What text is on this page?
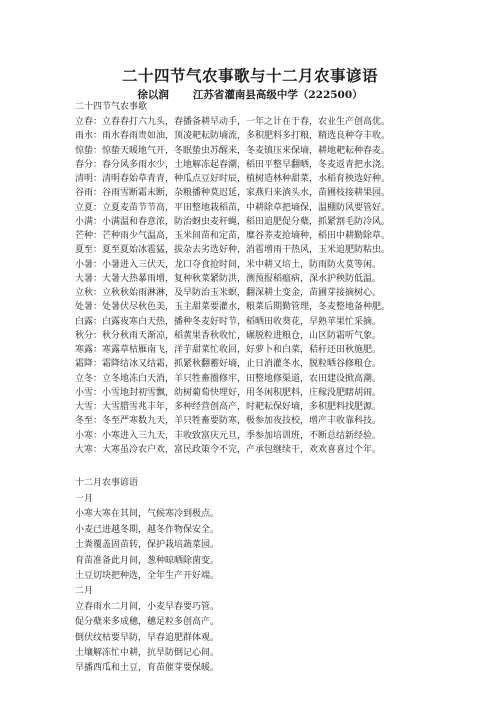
二十四节气农事歌与十二月农事谚语
徐以润 江苏省灌南县高级中学（222500）
二十四节气农事歌
立春：立春春打六九头，春播备耕早动手，一年之计在于春，农业生产创高优。
雨水：雨水春雨贵如油，顶凌耙耘防墒流，多积肥料多打粮，精选良种夺丰收。
惊蛰：惊蛰天暖地气开，冬眠蛰虫苏醒来，冬麦镇压来保墒，耕地耙耘种春麦。
春分：春分风多雨水少，土地解冻起春潮，稻田平整早翻晒，冬麦返青把水浇。
清明：清明春始草青青，种瓜点豆好时辰，植树造林种甜菜，水稻育秧选好种。
谷雨：谷雨雪断霜未断，杂粮播种莫迟延，家燕归来淌头水，苗圃枝接耕果园。
立夏：立夏麦苗节节高，平田整地栽稻苗，中耕除草把墒保，温棚防风要管好。
小满：小满温和春意浓，防治蚜虫麦秆蝇，稻田追肥促分蘖，抓紧割毛防冷风。
芒种：芒种雨少气温高，玉米间苗和定苗，糜谷荞麦抢墒种，稻田中耕勤除草。
夏至：夏至夏始冰雹猛，拔杂去劣选好种，消雹增雨干热风，玉米追肥防粘虫。
小暑：小暑进入三伏天，龙口夺食抢时间，米中耕又培土，防雨防火莫等闲。
大暑：大暑大热暴雨增，复种秋菜紧防洪，测预报稻瘟病，深水护秧防低温。
立秋：立秋秋始雨淋淋，及早防治玉米螟，翻深耕土变金，苗圃芽接摘树心。
处暑：处暑伏尽秋色美，玉主甜菜要灌水，粮菜后期勤管理，冬麦整地备种肥。
白露：白露夜寒白天热，播种冬麦好时节，稻晒田收葵花，早熟苹果忙采摘。
秋分：秋分秋雨天渐凉，稻黄果香秋收忙，碾脱粒进粮仓，山区防霜听气象。
寒露：寒露草枯雁南飞，洋芋甜菜忙收回，好萝卜和白菜，秸秆还田秋施肥。
霜降：霜降结冰又结霜，抓紧秋翻蓄好墒，止日消灌冬水，脱粒晒谷修粮仓。
立冬：立冬地冻白天消，羊只牲畜圈修牢，田整地修渠道，农田建设掀高潮。
小雪：小雪地封初雪飘，幼树葡萄快埋好，用冬闲积肥料，庄稼没肥瞎胡闹。
大雪：大雪腊雪兆丰年，多种经营创高产，时耙耘保好墒，多积肥料找肥源。
冬至：冬至严寒数九天，羊只牲畜要防寒，极参加夜技校，增产丰收靠科技。
小寒：小寒进入三九天，丰收致富庆元旦，季参加培训班，不断总结新经验。
大寒：大寒虽冷农户欢，富民政策令不完，产承包继续干，欢欢喜喜过个年。
十二月农事谚语
一月
小寒大寒在其间，气候寒冷到极点。
小麦已进越冬期，越冬作物保安全。
土粪覆盖固苗转，保护栽培蔬菜园。
育苗准备此月间，葱种晾晒除菌变。
土豆切块把种选，全年生产开好端。
二月
立春雨水二月间，小麦早春要巧管。
促分蘖来多成穗，穗足粒多创高产。
倒伏纹枯要早防，早春追肥群体观。
土壤解冻忙中耕，抗旱防倒记心间。
早播西瓜和土豆，育苗催芽要保暖。
